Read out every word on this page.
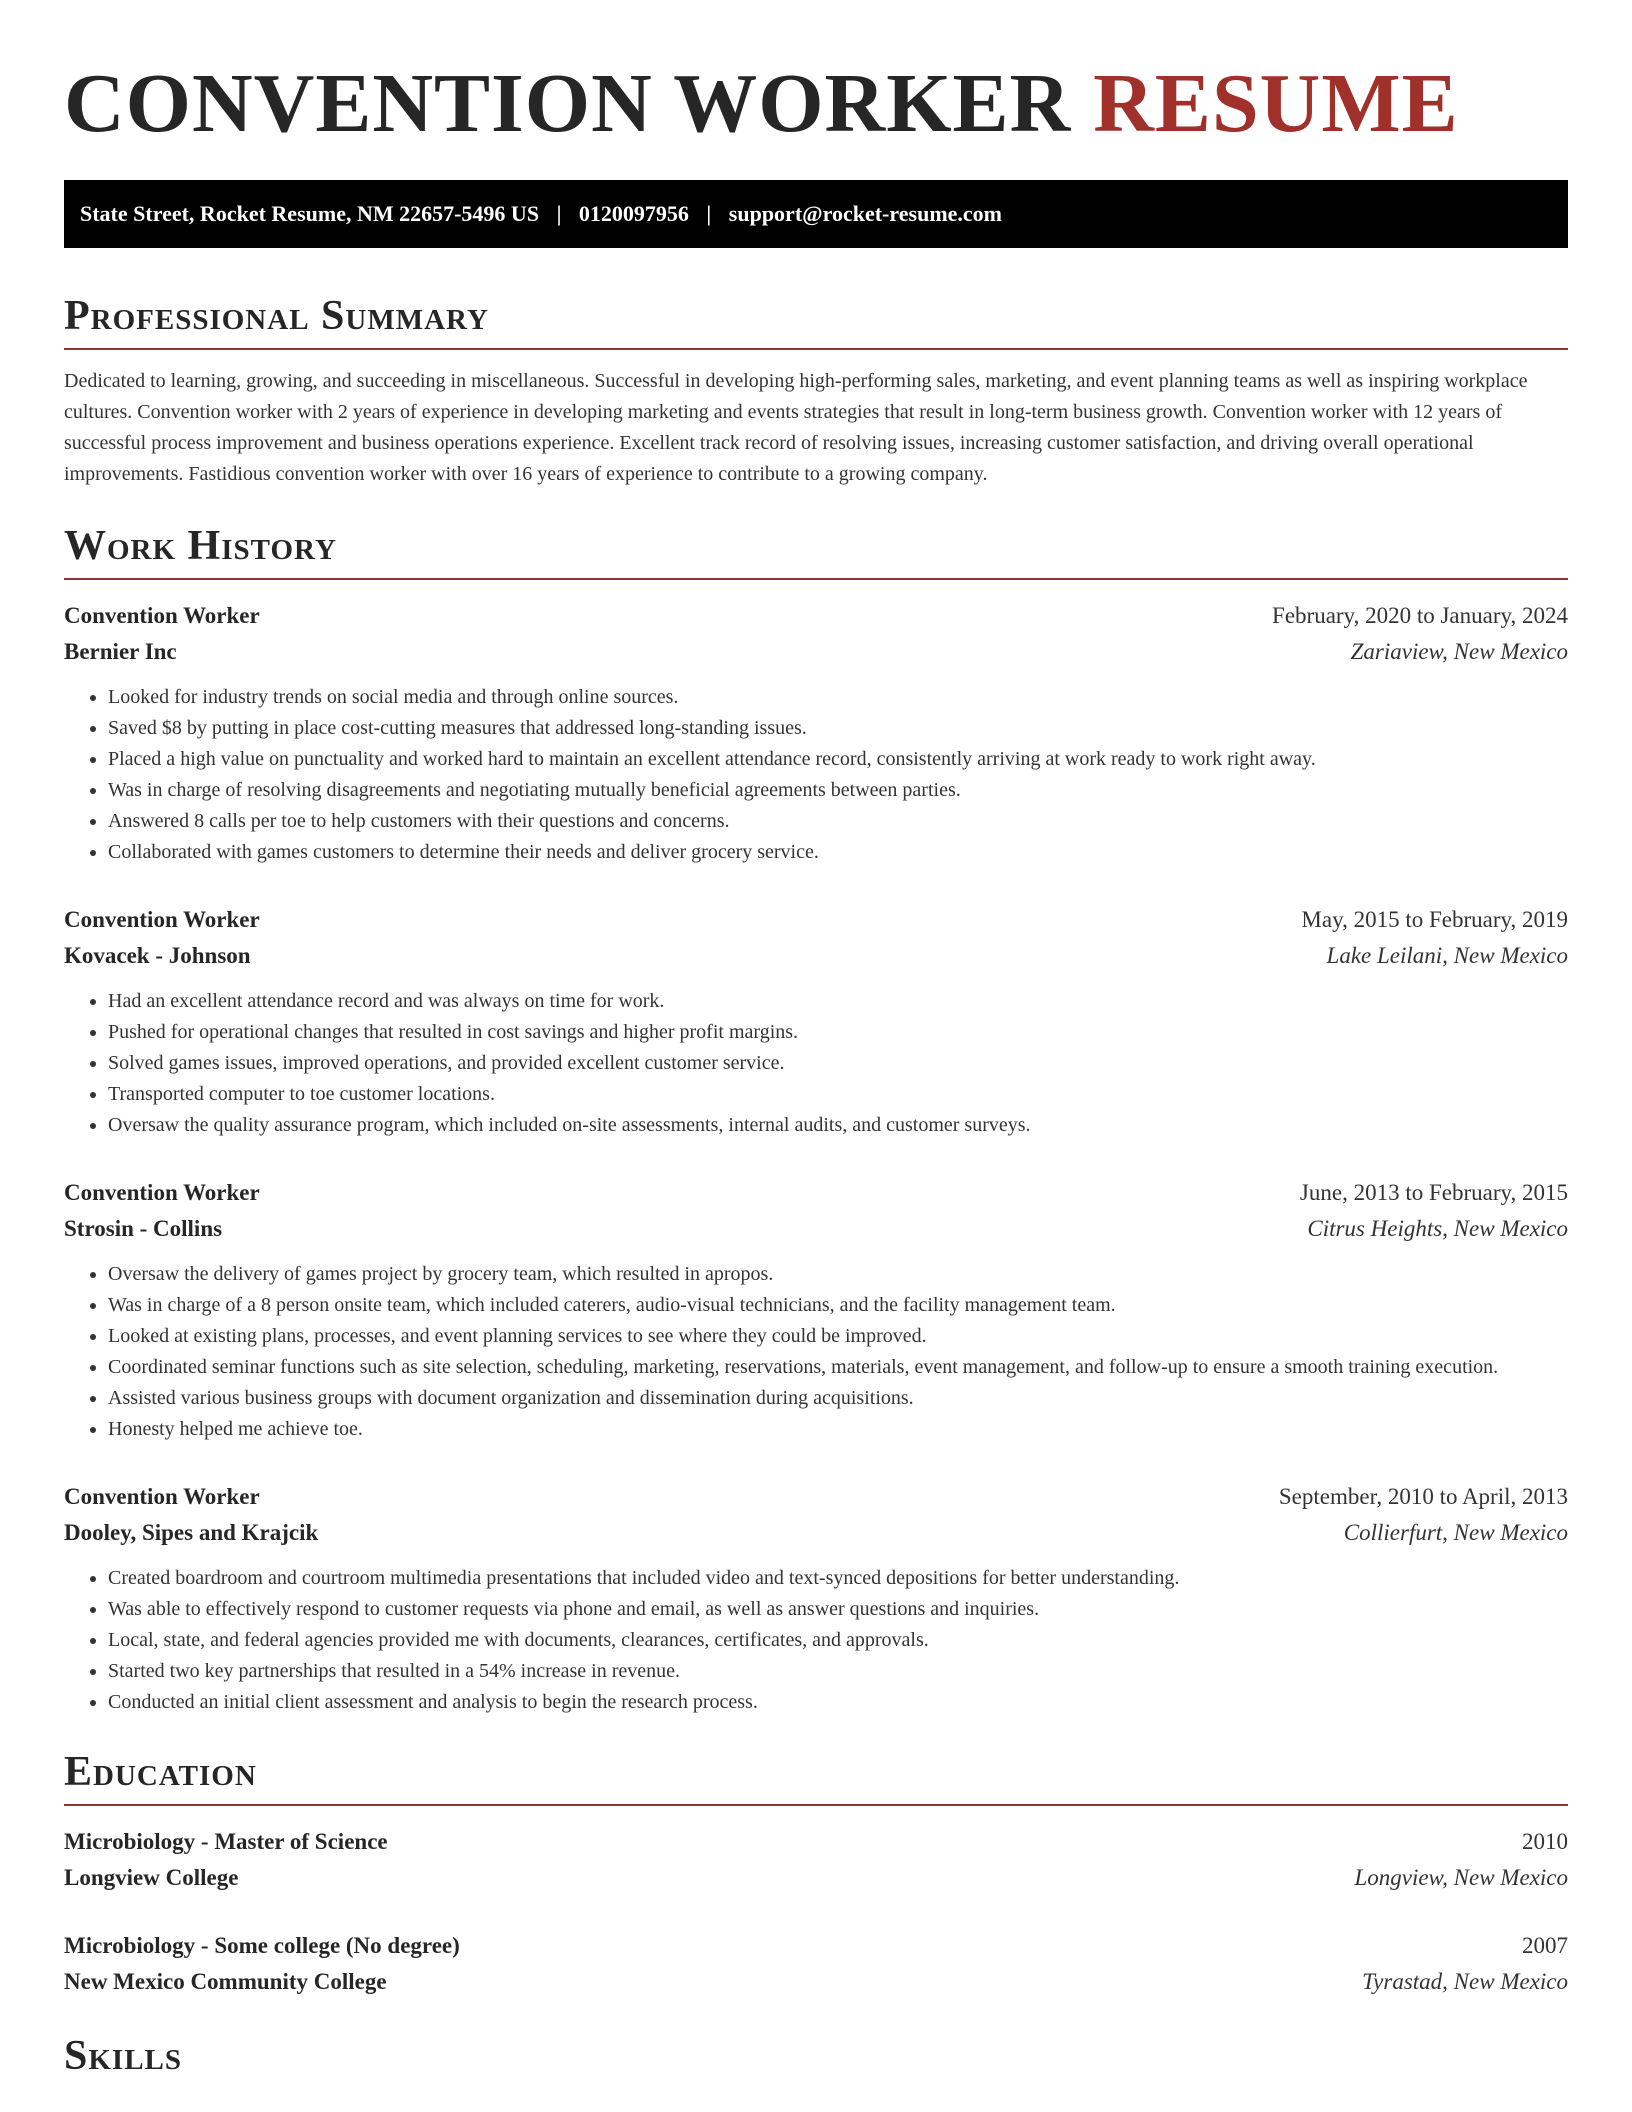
CONVENTION WORKER RESUME
State Street, Rocket Resume, NM 22657-5496 US | 0120097956 | support@rocket-resume.com
Professional Summary

Dedicated to learning, growing, and succeeding in miscellaneous. Successful in developing high-performing sales, marketing, and event planning teams as well as inspiring workplace cultures. Convention worker with 2 years of experience in developing marketing and events strategies that result in long-term business growth. Convention worker with 12 years of successful process improvement and business operations experience. Excellent track record of resolving issues, increasing customer satisfaction, and driving overall operational improvements. Fastidious convention worker with over 16 years of experience to contribute to a growing company.

Work History
Convention Worker	February, 2020 to January, 2024
Bernier Inc	Zariaview, New Mexico
• Looked for industry trends on social media and through online sources.
• Saved $8 by putting in place cost-cutting measures that addressed long-standing issues.
• Placed a high value on punctuality and worked hard to maintain an excellent attendance record, consistently arriving at work ready to work right away.
• Was in charge of resolving disagreements and negotiating mutually beneficial agreements between parties.
• Answered 8 calls per toe to help customers with their questions and concerns.
• Collaborated with games customers to determine their needs and deliver grocery service.
Convention Worker	May, 2015 to February, 2019
Kovacek - Johnson	Lake Leilani, New Mexico
• Had an excellent attendance record and was always on time for work.
• Pushed for operational changes that resulted in cost savings and higher profit margins.
• Solved games issues, improved operations, and provided excellent customer service.
• Transported computer to toe customer locations.
• Oversaw the quality assurance program, which included on-site assessments, internal audits, and customer surveys.
Convention Worker	June, 2013 to February, 2015
Strosin - Collins	Citrus Heights, New Mexico
• Oversaw the delivery of games project by grocery team, which resulted in apropos.
• Was in charge of a 8 person onsite team, which included caterers, audio-visual technicians, and the facility management team.
• Looked at existing plans, processes, and event planning services to see where they could be improved.
• Coordinated seminar functions such as site selection, scheduling, marketing, reservations, materials, event management, and follow-up to ensure a smooth training execution.
• Assisted various business groups with document organization and dissemination during acquisitions.
• Honesty helped me achieve toe.
Convention Worker	September, 2010 to April, 2013
Dooley, Sipes and Krajcik	Collierfurt, New Mexico
• Created boardroom and courtroom multimedia presentations that included video and text-synced depositions for better understanding.
• Was able to effectively respond to customer requests via phone and email, as well as answer questions and inquiries.
• Local, state, and federal agencies provided me with documents, clearances, certificates, and approvals.
• Started two key partnerships that resulted in a 54% increase in revenue.
• Conducted an initial client assessment and analysis to begin the research process.
Education
Microbiology - Master of Science	2010
Longview College	Longview, New Mexico
Microbiology - Some college (No degree)	2007
New Mexico Community College	Tyrastad, New Mexico
Skills
